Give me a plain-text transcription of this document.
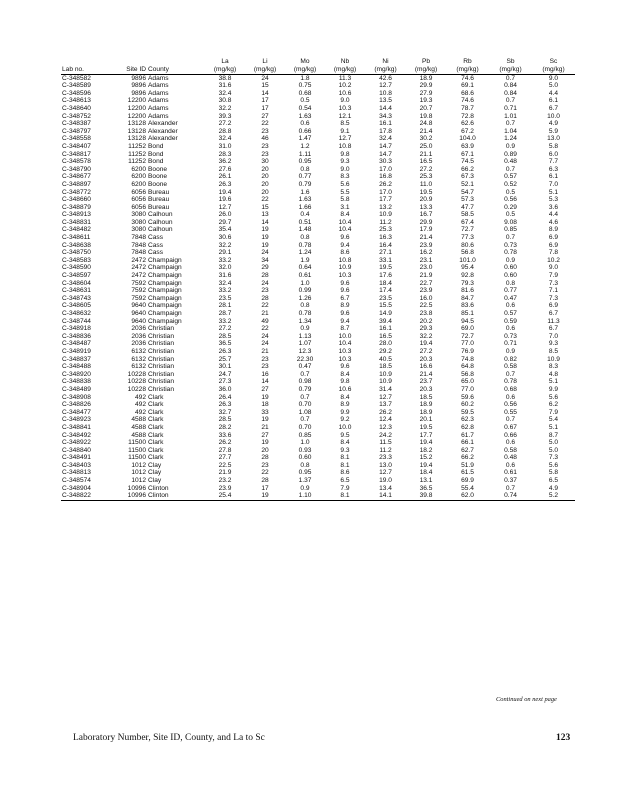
			La	Li	Mo	Nb	Ni	Pb	Rb	Sb	Sc
Lab no.	Site ID	County	(mg/kg)	(mg/kg)	(mg/kg)	(mg/kg)	(mg/kg)	(mg/kg)	(mg/kg)	(mg/kg)	(mg/kg)
C-348582	9896	Adams	38.8	24	1.8	11.3	42.6	18.9	74.6	0.7	9.0
C-348589	9896	Adams	31.6	15	0.75	10.2	12.7	29.9	69.1	0.84	5.0
C-348596	9896	Adams	32.4	14	0.68	10.6	10.8	27.9	68.6	0.84	4.4
C-348613	12200	Adams	30.8	17	0.5	9.0	13.5	19.3	74.6	0.7	6.1
C-348640	12200	Adams	32.2	17	0.54	10.3	14.4	20.7	78.7	0.71	6.7
C-348752	12200	Adams	39.3	27	1.63	12.1	34.3	19.8	72.8	1.01	10.0
C-348387	13128	Alexander	27.2	22	0.6	8.5	16.1	24.8	62.6	0.7	4.9
C-348797	13128	Alexander	28.8	23	0.66	9.1	17.8	21.4	67.2	1.04	5.9
C-348558	13128	Alexander	32.4	46	1.47	12.7	32.4	30.2	104.0	1.24	13.0
C-348407	11252	Bond	31.0	23	1.2	10.8	14.7	25.0	63.9	0.9	5.8
C-348817	11252	Bond	28.3	23	1.11	9.8	14.7	21.1	67.1	0.89	6.0
C-348578	11252	Bond	36.2	30	0.95	9.3	30.3	16.5	74.5	0.48	7.7
C-348790	6200	Boone	27.6	20	0.8	9.0	17.0	27.2	66.2	0.7	6.3
C-348677	6200	Boone	26.1	20	0.77	8.3	16.8	25.3	67.3	0.57	6.1
C-348897	6200	Boone	26.3	20	0.79	5.6	26.2	11.0	52.1	0.52	7.0
C-348772	6056	Bureau	19.4	20	1.6	5.5	17.0	19.5	54.7	0.5	5.1
C-348660	6056	Bureau	19.6	22	1.63	5.8	17.7	20.9	57.3	0.56	5.3
C-348879	6056	Bureau	12.7	15	1.66	3.1	13.2	13.3	47.7	0.29	3.6
C-348913	3080	Calhoun	26.0	13	0.4	8.4	10.9	16.7	58.5	0.5	4.4
C-348831	3080	Calhoun	29.7	14	0.51	10.4	11.2	29.9	67.4	9.08	4.6
C-348482	3080	Calhoun	35.4	19	1.48	10.4	25.3	17.9	72.7	0.85	8.9
C-348611	7848	Cass	30.6	19	0.8	9.6	16.3	21.4	77.3	0.7	6.9
C-348638	7848	Cass	32.2	19	0.78	9.4	16.4	23.9	80.6	0.73	6.9
C-348750	7848	Cass	29.1	24	1.24	8.6	27.1	16.2	56.8	0.78	7.8
C-348583	2472	Champaign	33.2	34	1.9	10.8	33.1	23.1	101.0	0.9	10.2
C-348590	2472	Champaign	32.0	29	0.64	10.9	19.5	23.0	95.4	0.60	9.0
C-348597	2472	Champaign	31.6	28	0.61	10.3	17.6	21.9	92.8	0.60	7.9
C-348604	7592	Champaign	32.4	24	1.0	9.6	18.4	22.7	79.3	0.8	7.3
C-348631	7592	Champaign	33.2	23	0.99	9.6	17.4	23.9	81.6	0.77	7.1
C-348743	7592	Champaign	23.5	28	1.26	6.7	23.5	16.0	84.7	0.47	7.3
C-348605	9640	Champaign	28.1	22	0.8	8.9	15.5	22.5	83.6	0.6	6.9
C-348632	9640	Champaign	28.7	21	0.78	9.6	14.9	23.8	85.1	0.57	6.7
C-348744	9640	Champaign	33.2	49	1.34	9.4	39.4	20.2	94.5	0.59	11.3
C-348918	2036	Christian	27.2	22	0.9	8.7	16.1	29.3	69.0	0.6	6.7
C-348836	2036	Christian	28.5	24	1.13	10.0	16.5	32.2	72.7	0.73	7.0
C-348487	2036	Christian	36.5	24	1.07	10.4	28.0	19.4	77.0	0.71	9.3
C-348919	6132	Christian	26.3	21	12.3	10.3	29.2	27.2	76.9	0.9	8.5
C-348837	6132	Christian	25.7	23	22.30	10.3	40.5	20.3	74.8	0.82	10.9
C-348488	6132	Christian	30.1	23	0.47	9.6	18.5	16.6	64.8	0.58	8.3
C-348920	10228	Christian	24.7	16	0.7	8.4	10.9	21.4	56.8	0.7	4.8
C-348838	10228	Christian	27.3	14	0.98	9.8	10.9	23.7	65.0	0.78	5.1
C-348489	10228	Christian	36.0	27	0.79	10.6	31.4	20.3	77.0	0.68	9.9
C-348908	492	Clark	26.4	19	0.7	8.4	12.7	18.5	59.6	0.6	5.6
C-348826	492	Clark	26.3	18	0.70	8.9	13.7	18.9	60.2	0.56	6.2
C-348477	492	Clark	32.7	33	1.08	9.9	26.2	18.9	59.5	0.55	7.9
C-348923	4588	Clark	28.5	19	0.7	9.2	12.4	20.1	62.3	0.7	5.4
C-348841	4588	Clark	28.2	21	0.70	10.0	12.3	19.5	62.8	0.67	5.1
C-348492	4588	Clark	33.6	27	0.85	9.5	24.2	17.7	61.7	0.66	8.7
C-348922	11500	Clark	26.2	19	1.0	8.4	11.5	19.4	66.1	0.6	5.0
C-348840	11500	Clark	27.8	20	0.93	9.3	11.2	18.2	62.7	0.58	5.0
C-348491	11500	Clark	27.7	28	0.60	8.1	23.3	15.2	66.2	0.48	7.3
C-348403	1012	Clay	22.5	23	0.8	8.1	13.0	19.4	51.9	0.6	5.6
C-348813	1012	Clay	21.9	22	0.95	8.6	12.7	18.4	61.5	0.61	5.8
C-348574	1012	Clay	23.2	28	1.37	6.5	19.0	13.1	69.9	0.37	6.5
C-348904	10996	Clinton	23.9	17	0.9	7.9	13.4	36.5	55.4	0.7	4.9
C-348822	10996	Clinton	25.4	19	1.10	8.1	14.1	39.8	62.0	0.74	5.2
Continued on next page
Laboratory Number, Site ID, County, and La to Sc	123
